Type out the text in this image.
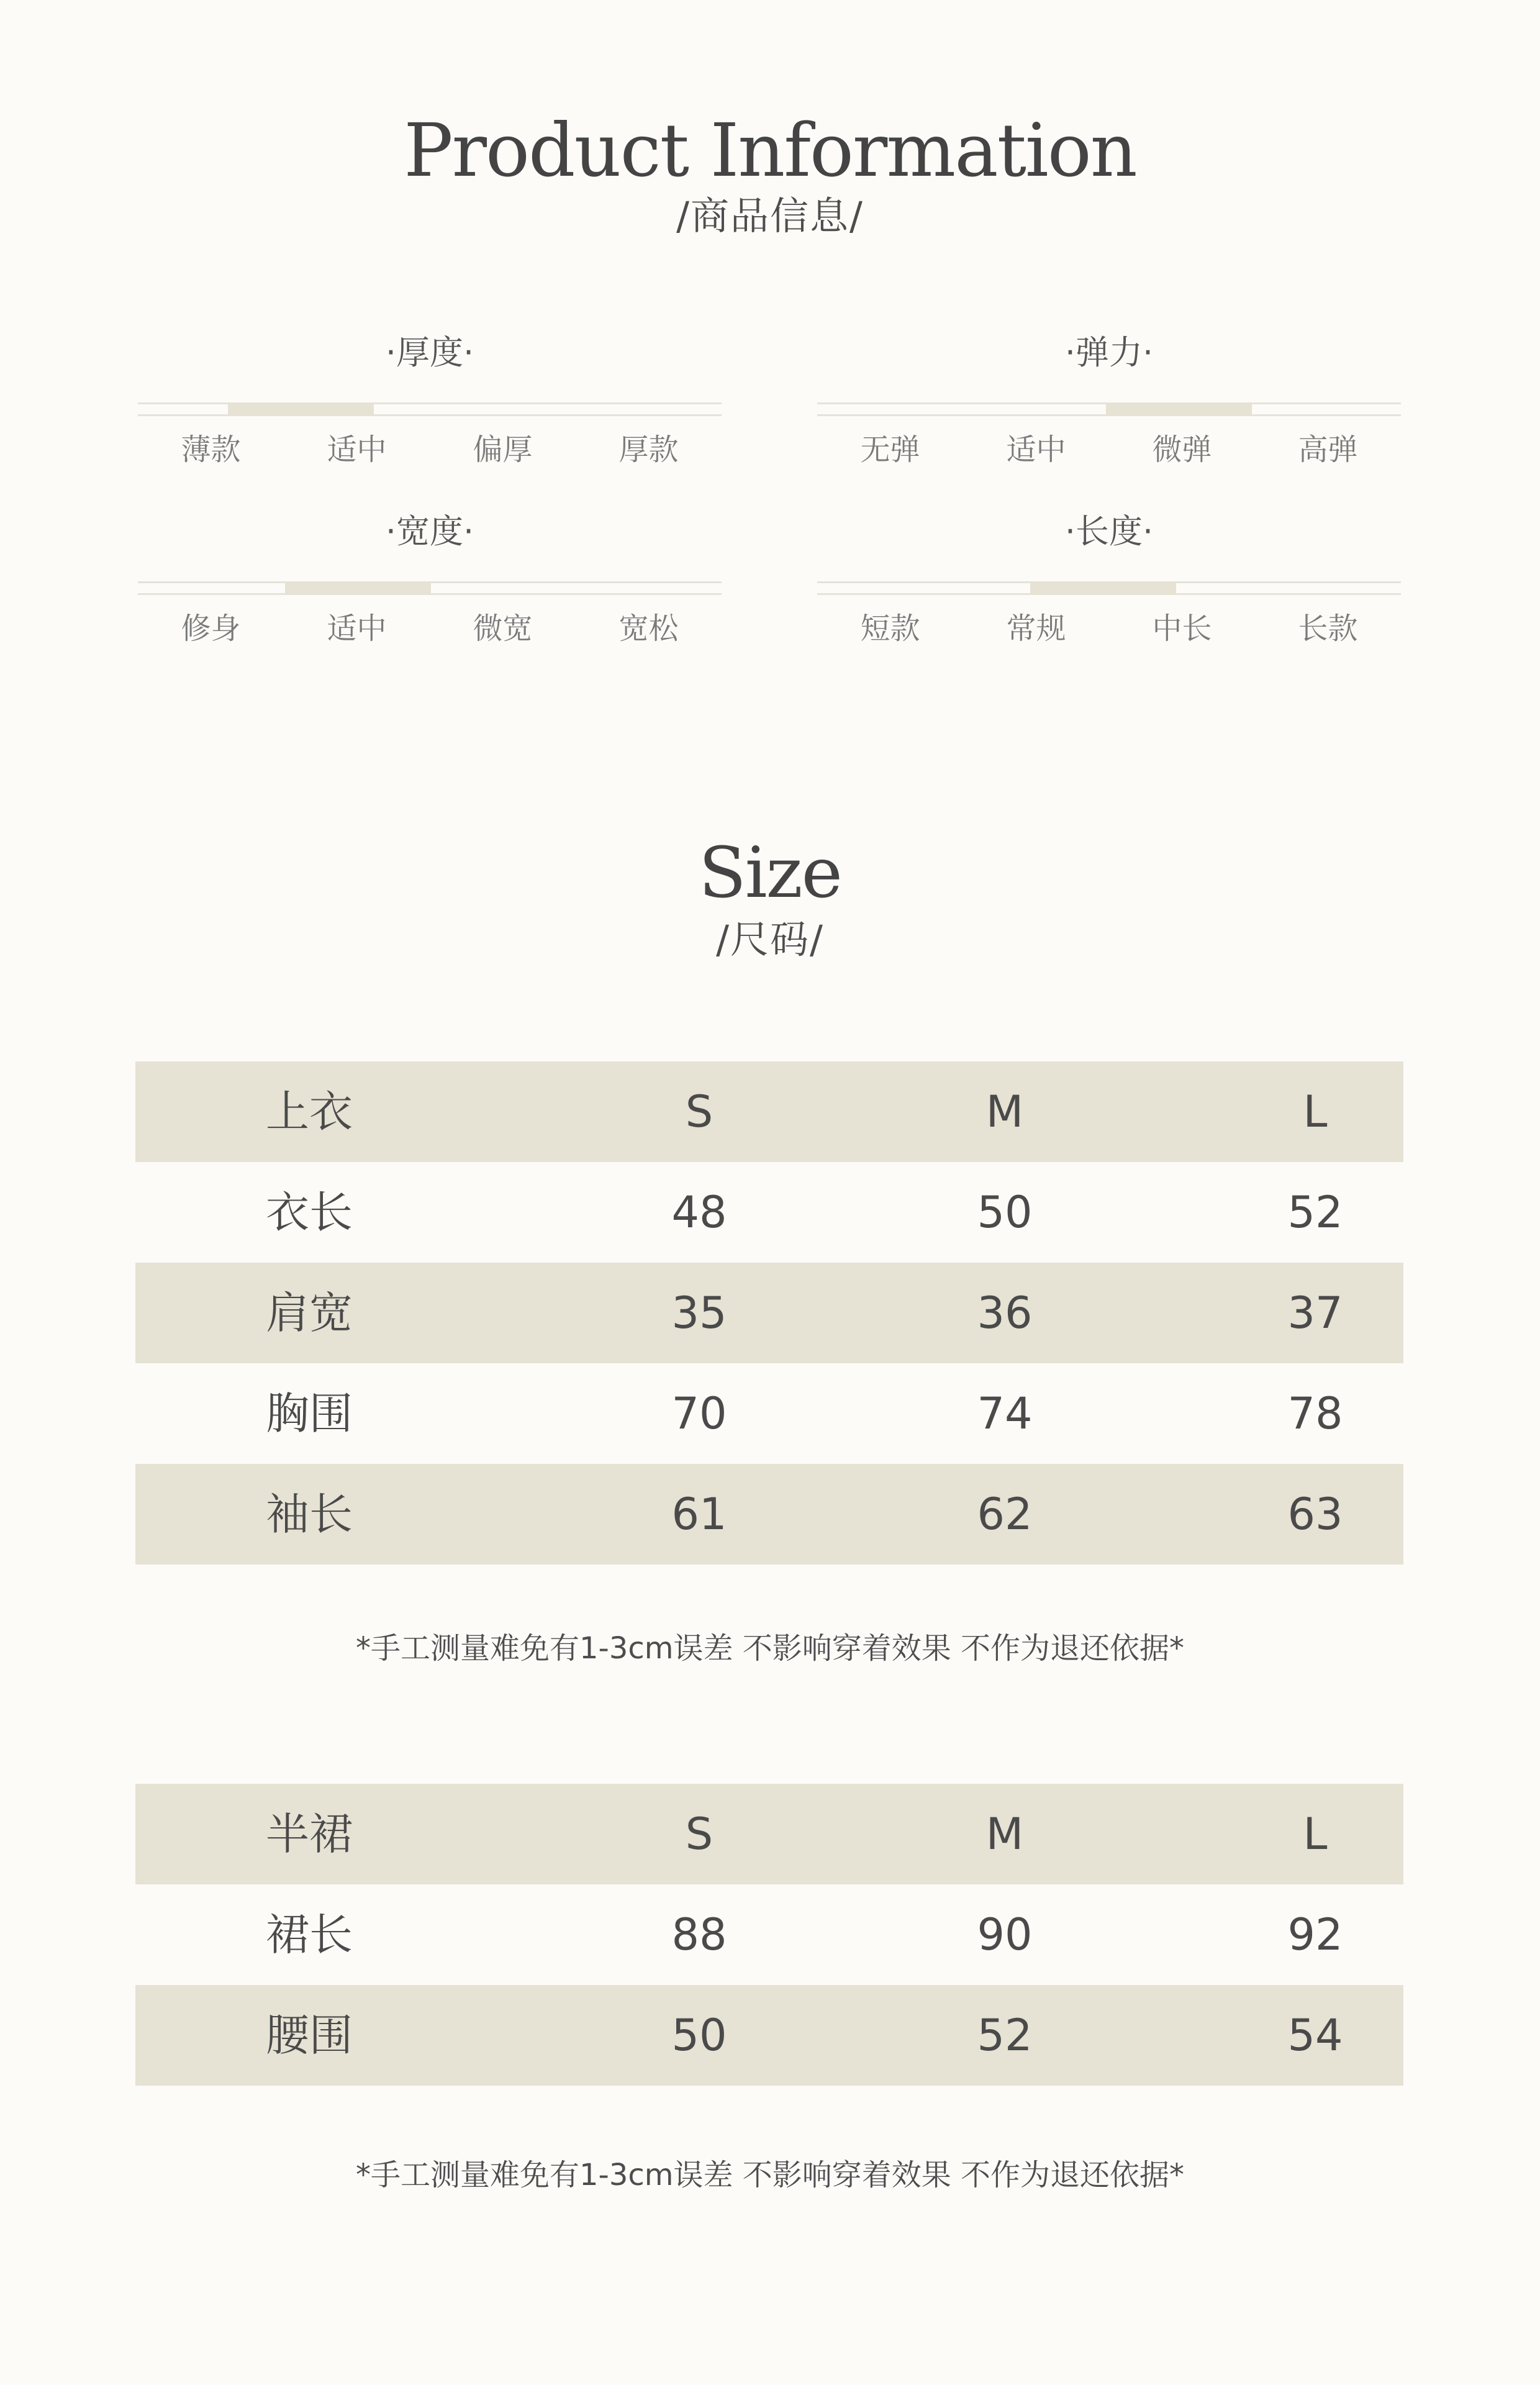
Product Information
/商品信息/
·厚度·
薄款	适中	偏厚	厚款
·弹力·
无弹	适中	微弹	高弹
·宽度·
修身	适中	微宽	宽松
·长度·
短款	常规	中长	长款
Size
/尺码/
上衣	S	M	L
衣长	48	50	52
肩宽	35	36	37
胸围	70	74	78
袖长	61	62	63
*手工测量难免有1-3cm误差 不影响穿着效果 不作为退还依据*
半裙	S	M	L
裙长	88	90	92
腰围	50	52	54
*手工测量难免有1-3cm误差 不影响穿着效果 不作为退还依据*
